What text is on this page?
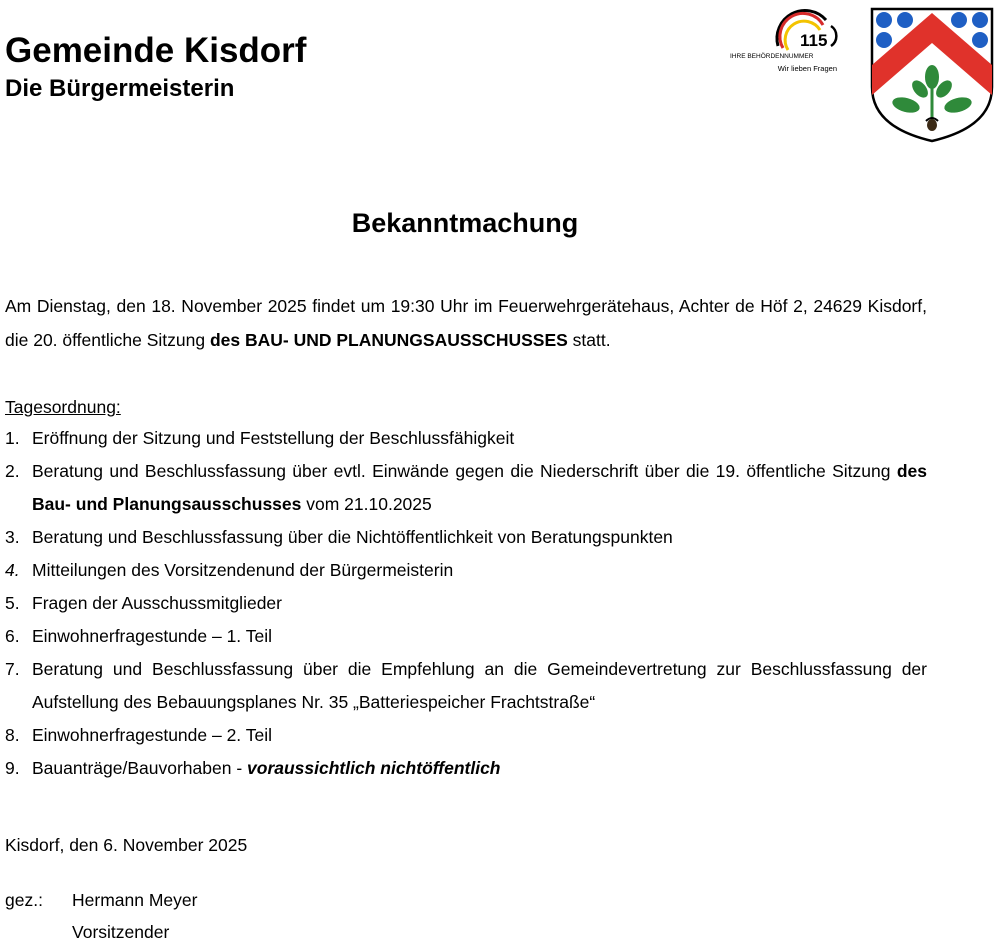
Gemeinde Kisdorf
Die Bürgermeisterin
115
IHRE BEHÖRDENNUMMER
Wir lieben Fragen
Bekanntmachung
Am Dienstag, den 18. November 2025 findet um 19:30 Uhr im Feuerwehrgerätehaus, Achter de Höf 2, 24629 Kisdorf, die 20. öffentliche Sitzung des BAU- UND PLANUNGSAUSSCHUSSES statt.
Tagesordnung:
1. Eröffnung der Sitzung und Feststellung der Beschlussfähigkeit
2. Beratung und Beschlussfassung über evtl. Einwände gegen die Niederschrift über die 19. öffentliche Sitzung des Bau- und Planungsausschusses vom 21.10.2025
3. Beratung und Beschlussfassung über die Nichtöffentlichkeit von Beratungspunkten
4. Mitteilungen des Vorsitzendenund der Bürgermeisterin
5. Fragen der Ausschussmitglieder
6. Einwohnerfragestunde – 1. Teil
7. Beratung und Beschlussfassung über die Empfehlung an die Gemeindevertretung zur Beschlussfassung der Aufstellung des Bebauungsplanes Nr. 35 „Batteriespeicher Frachtstraße“
8. Einwohnerfragestunde – 2. Teil
9. Bauanträge/Bauvorhaben - voraussichtlich nichtöffentlich
Kisdorf, den 6. November 2025
gez.: Hermann Meyer
Vorsitzender
